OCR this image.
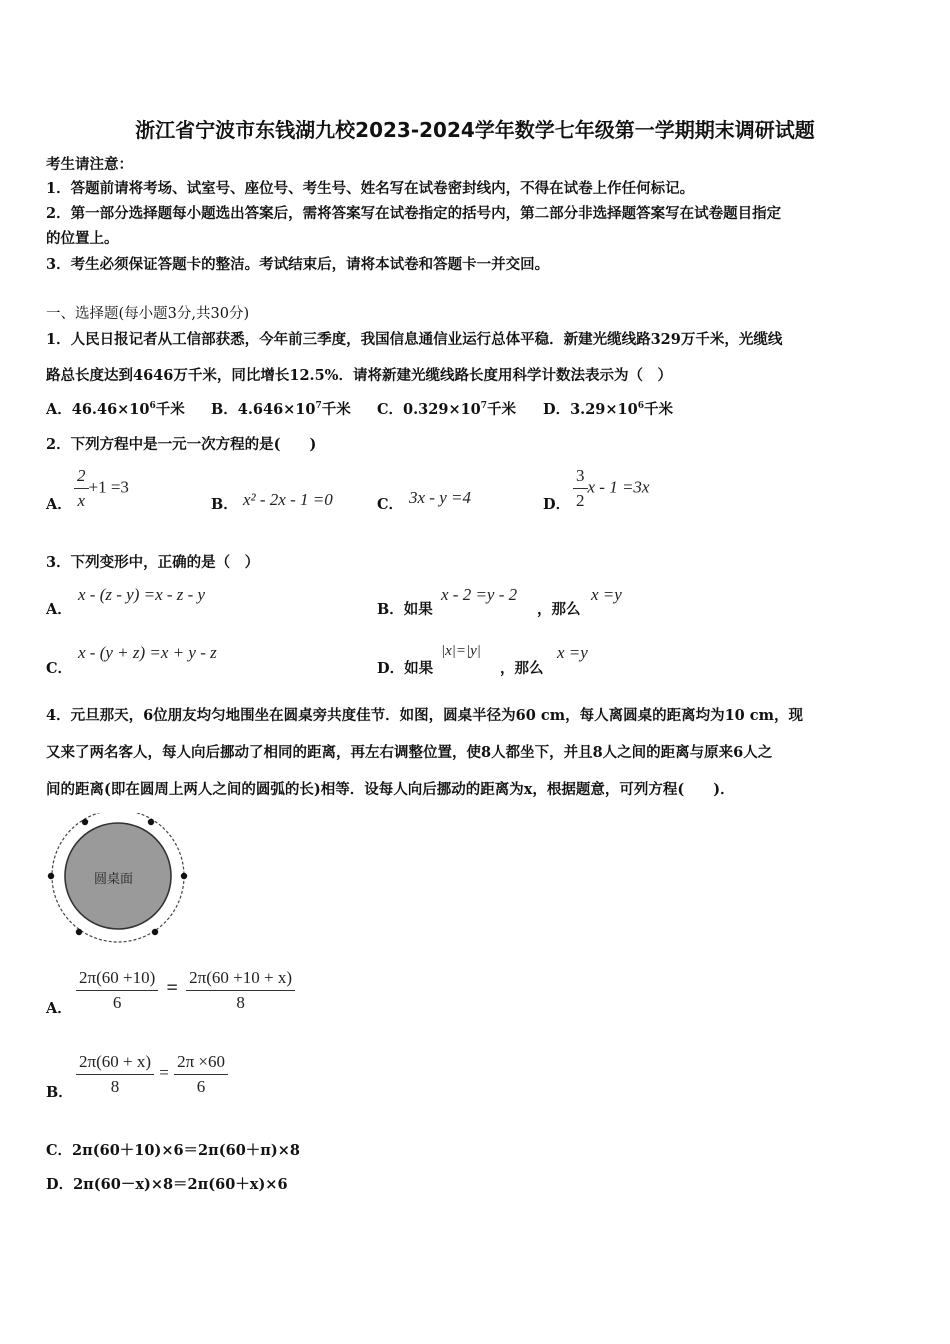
浙江省宁波市东钱湖九校2023-2024学年数学七年级第一学期期末调研试题
考生请注意：
1．答题前请将考场、试室号、座位号、考生号、姓名写在试卷密封线内，不得在试卷上作任何标记。
2．第一部分选择题每小题选出答案后，需将答案写在试卷指定的括号内，第二部分非选择题答案写在试卷题目指定
的位置上。
3．考生必须保证答题卡的整洁。考试结束后，请将本试卷和答题卡一并交回。
一、选择题(每小题3分,共30分)
1．人民日报记者从工信部获悉，今年前三季度，我国信息通信业运行总体平稳．新建光缆线路329万千米，光缆线
路总长度达到4646万千米，同比增长12.5%．请将新建光缆线路长度用科学计数法表示为（　）
A．$46.46\times 10^6$千米 B．$4.646\times 10^7$千米 C．$0.329\times 10^7$千米 D．$3.29\times 10^6$千米
2．下列方程中是一元一次方程的是(　　)
A． $\frac{2}{x} +1 =3$
B． x² - 2x - 1 =0	C． 3x - y =4	D． $\frac{3}{2}$ x - 1 =3x
3．下列变形中，正确的是（　）
A．
x - (z - y) =x - z - y
B．如果
x - 2 =y - 2
，那么
x =y
C．
x - (y + z) =x + y - z
D．如果
|x|=|y|
，那么
x =y
4．元旦那天，6位朋友均匀地围坐在圆桌旁共度佳节．如图，圆桌半径为60 cm，每人离圆桌的距离均为10 cm，现
又来了两名客人，每人向后挪动了相同的距离，再左右调整位置，使8人都坐下，并且8人之间的距离与原来6人之
间的距离(即在圆周上两人之间的圆弧的长)相等．设每人向后挪动的距离为x，根据题意，可列方程(　　)．
圆桌面
A． $\frac{2\pi(60 +10)}{6} = \frac{2\pi(60 +10 + x)}{8}$
B． $\frac{2\pi(60 + x)}{8} = \frac{2\pi \times 60}{6}$
C．2π(60＋10)×6＝2π(60＋π)×8
D．2π(60－x)×8＝2π(60＋x)×6
